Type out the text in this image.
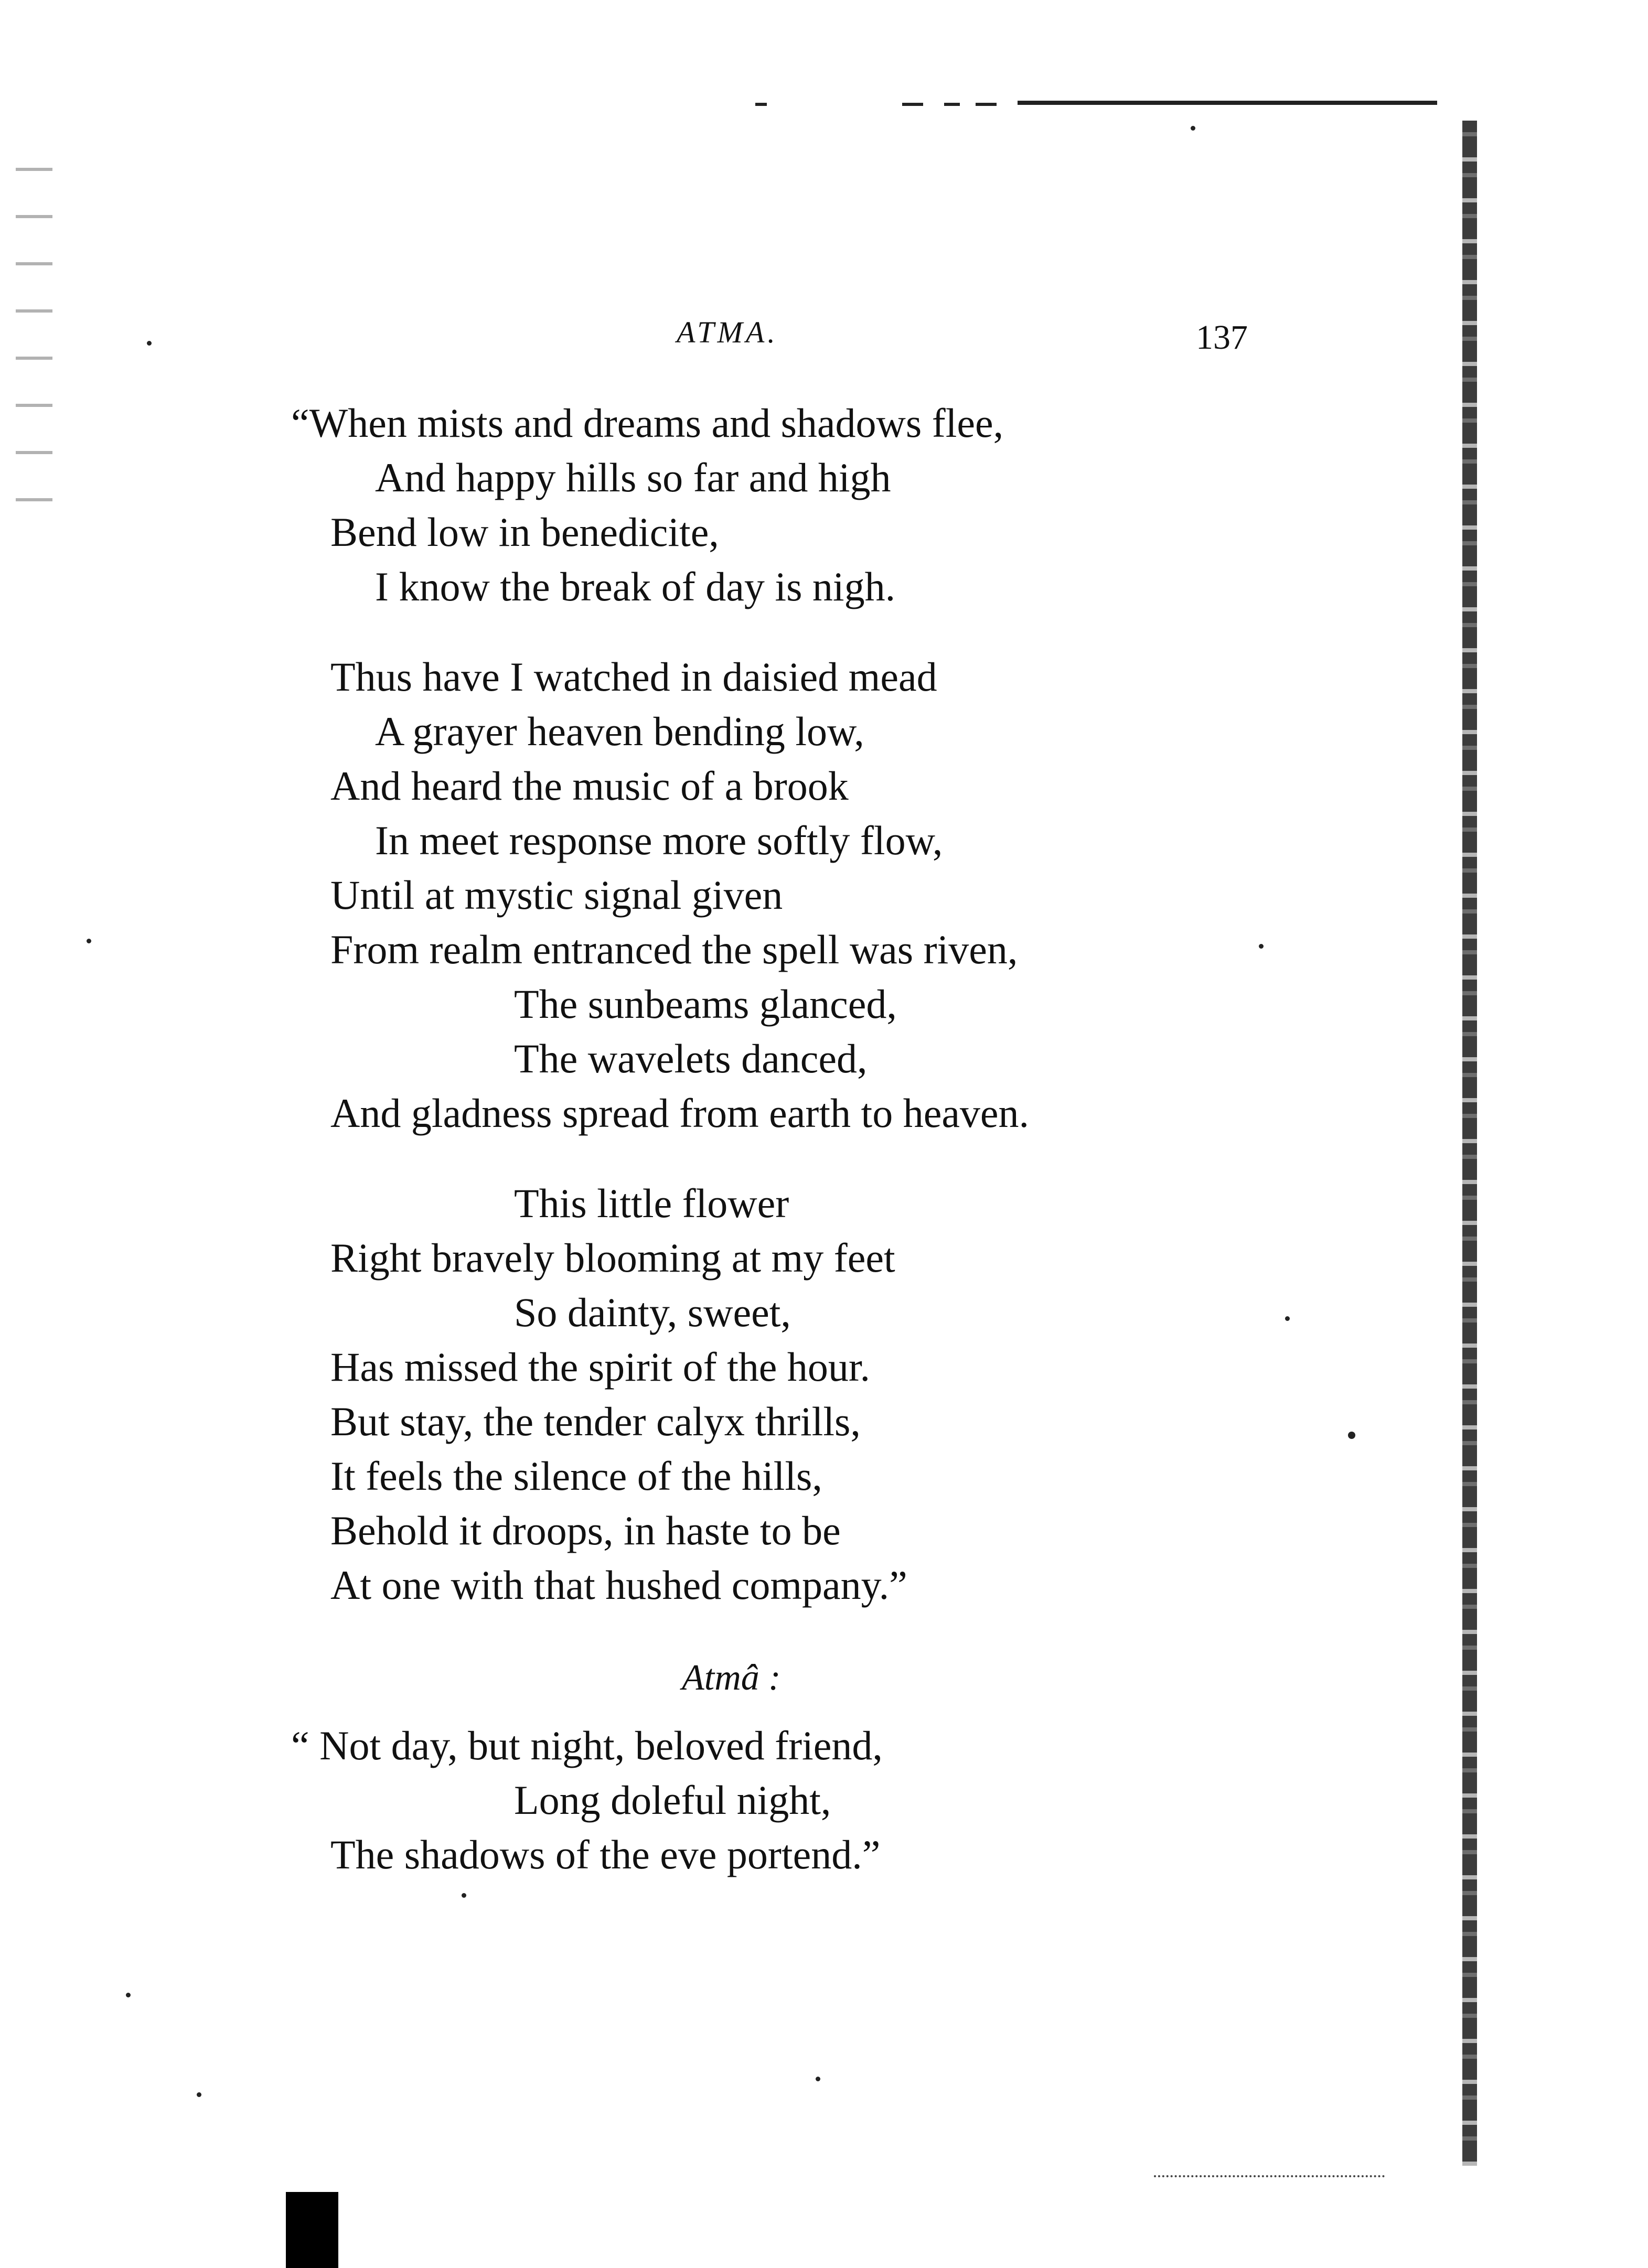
ATMA.	137
“When mists and dreams and shadows flee,
And happy hills so far and high
Bend low in benedicite,
I know the break of day is nigh.
Thus have I watched in daisied mead
A grayer heaven bending low,
And heard the music of a brook
In meet response more softly flow,
Until at mystic signal given
From realm entranced the spell was riven,
The sunbeams glanced,
The wavelets danced,
And gladness spread from earth to heaven.
This little flower
Right bravely blooming at my feet
So dainty, sweet,
Has missed the spirit of the hour.
But stay, the tender calyx thrills,
It feels the silence of the hills,
Behold it droops, in haste to be
At one with that hushed company.”
Atmâ :
“ Not day, but night, beloved friend,
Long doleful night,
The shadows of the eve portend.”
